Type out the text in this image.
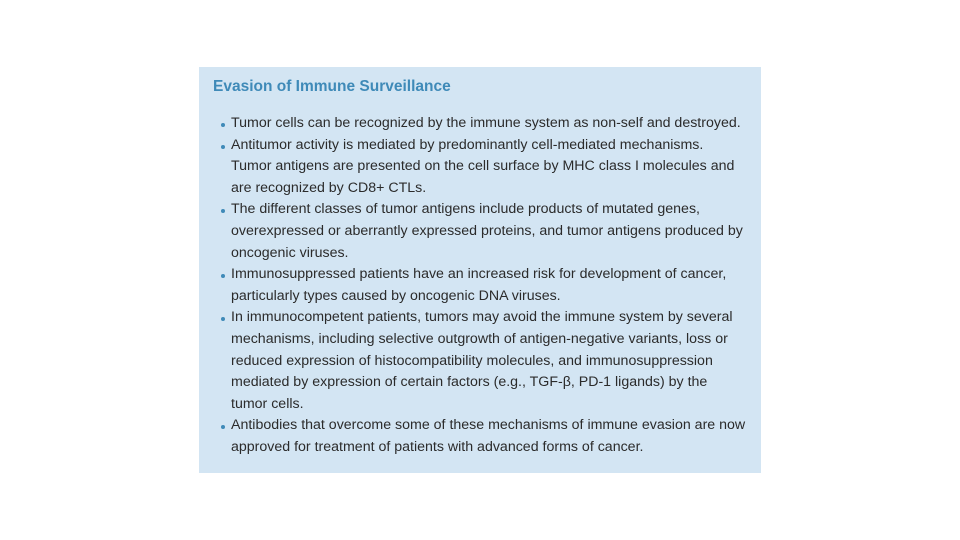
Evasion of Immune Surveillance
Tumor cells can be recognized by the immune system as non-self and destroyed.
Antitumor activity is mediated by predominantly cell-mediated mechanisms. Tumor antigens are presented on the cell surface by MHC class I molecules and are recognized by CD8+ CTLs.
The different classes of tumor antigens include products of mutated genes, overexpressed or aberrantly expressed proteins, and tumor antigens produced by oncogenic viruses.
Immunosuppressed patients have an increased risk for development of cancer, particularly types caused by oncogenic DNA viruses.
In immunocompetent patients, tumors may avoid the immune system by several mechanisms, including selective outgrowth of antigen-negative variants, loss or reduced expression of histocompatibility molecules, and immunosuppression mediated by expression of certain factors (e.g., TGF-β, PD-1 ligands) by the tumor cells.
Antibodies that overcome some of these mechanisms of immune evasion are now approved for treatment of patients with advanced forms of cancer.
